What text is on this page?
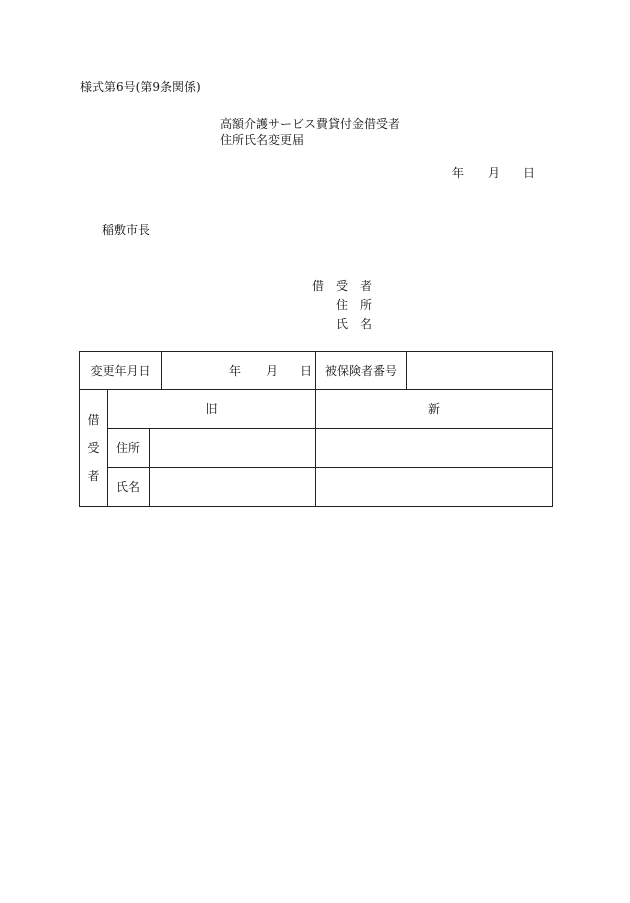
様式第6号(第9条関係)
高額介護サービス費貸付金借受者
住所氏名変更届
年 月 日
稲敷市長
借 受 者
住 所
氏 名
変更年月日			年 月 日	被保険者番号	

借
受
者	旧			新	
	住所				
	氏名				
